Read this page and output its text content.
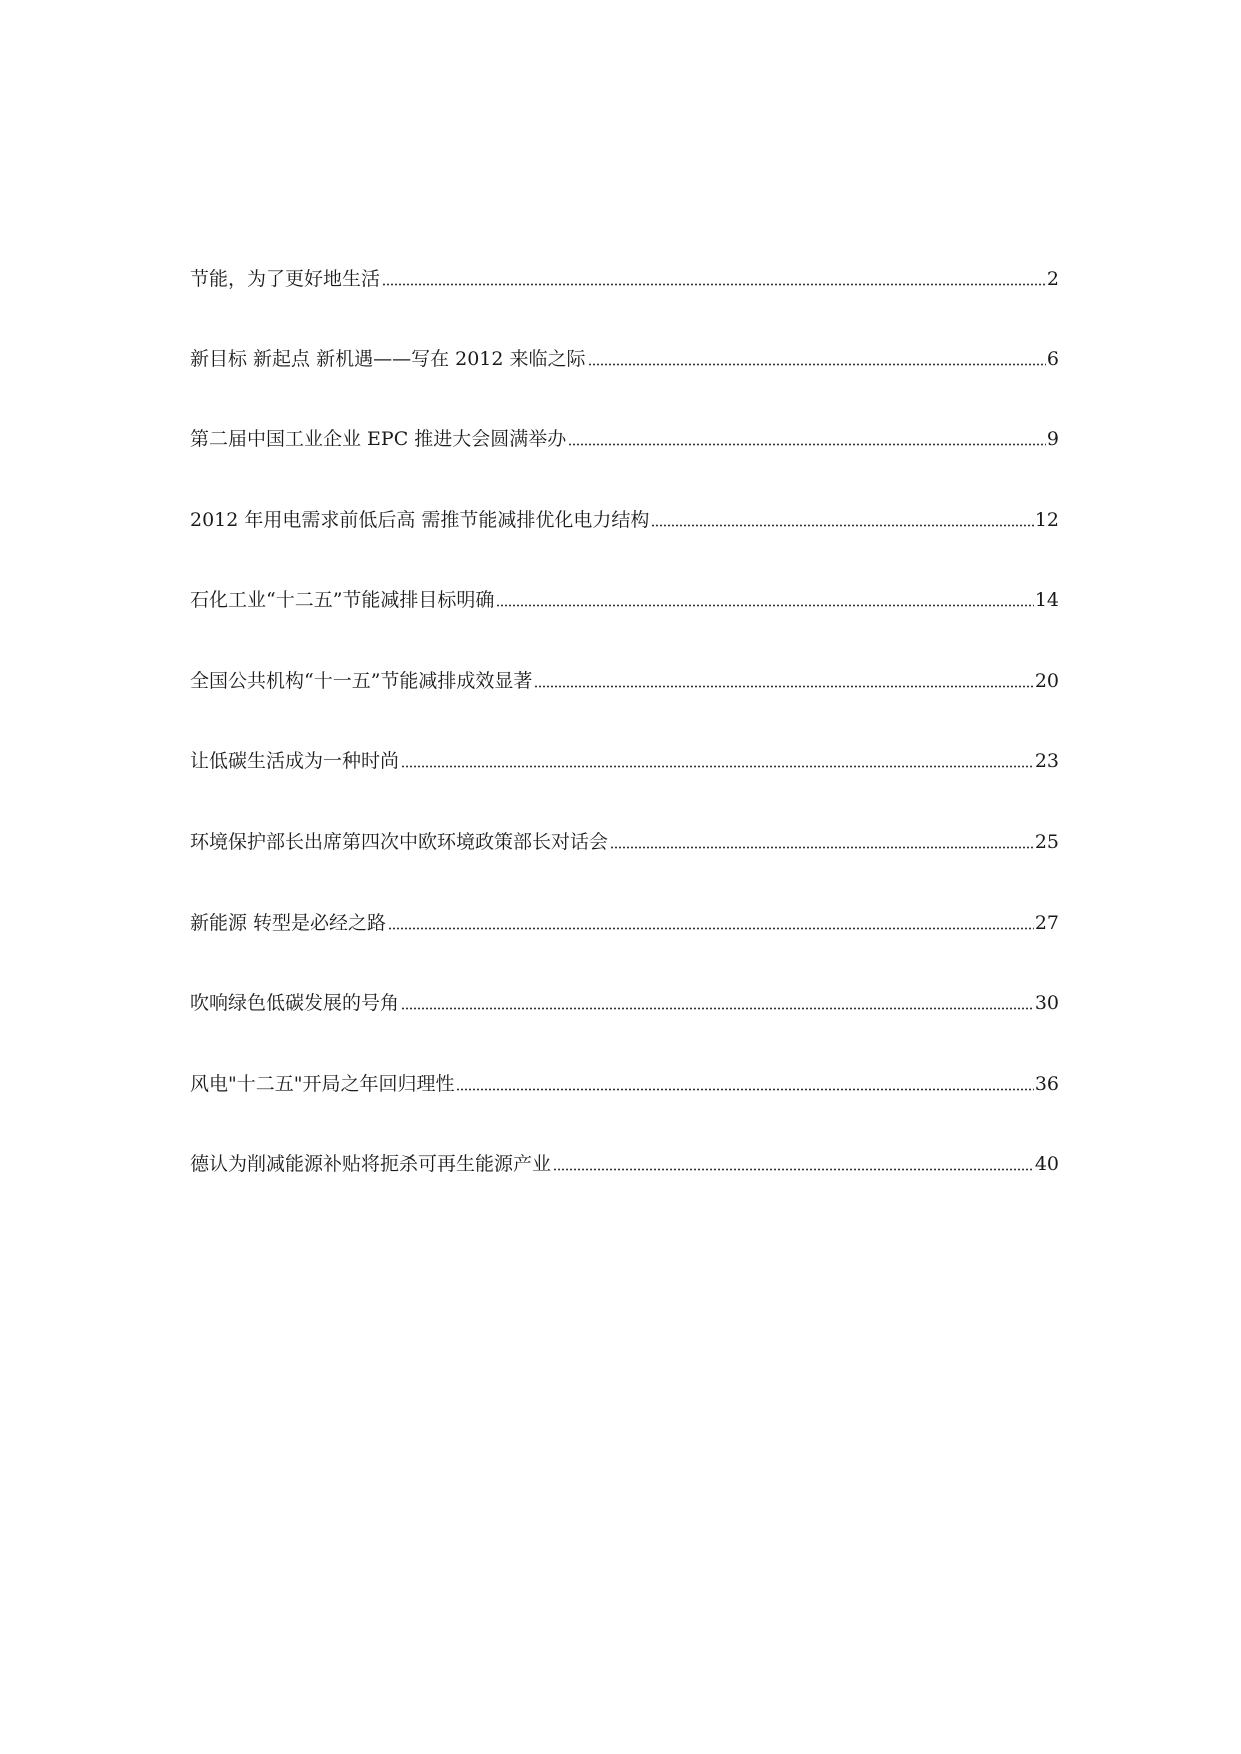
节能，为了更好地生活	2
新目标 新起点 新机遇——写在 2012 来临之际	6
第二届中国工业企业 EPC 推进大会圆满举办	9
2012 年用电需求前低后高 需推节能减排优化电力结构	12
石化工业“十二五”节能减排目标明确	14
全国公共机构“十一五”节能减排成效显著	20
让低碳生活成为一种时尚	23
环境保护部长出席第四次中欧环境政策部长对话会	25
新能源 转型是必经之路	27
吹响绿色低碳发展的号角	30
风电"十二五"开局之年回归理性	36
德认为削减能源补贴将扼杀可再生能源产业	40
